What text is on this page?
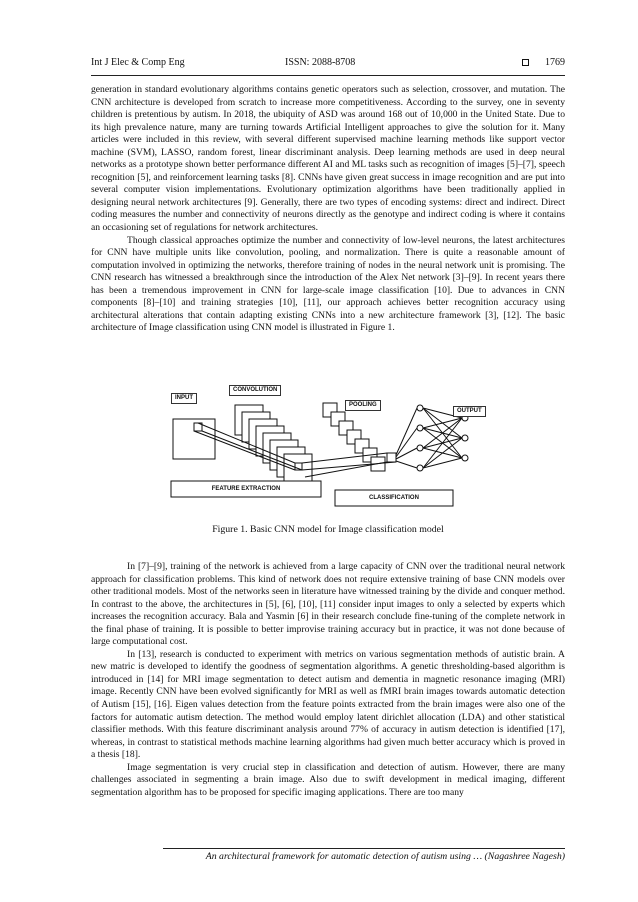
Int J Elec & Comp Eng	ISSN: 2088-8708	1769

generation in standard evolutionary algorithms contains genetic operators such as selection, crossover, and mutation. The CNN architecture is developed from scratch to increase more competitiveness. According to the survey, one in seventy children is pretentious by autism. In 2018, the ubiquity of ASD was around 168 out of 10,000 in the United State. Due to its high prevalence nature, many are turning towards Artificial Intelligent approaches to give the solution for it. Many articles were included in this review, with several different supervised machine learning methods like support vector machine (SVM), LASSO, random forest, linear discriminant analysis. Deep learning methods are used in deep neural networks as a prototype shown better performance different AI and ML tasks such as recognition of images [5]–[7], speech recognition [5], and reinforcement learning tasks [8]. CNNs have given great success in image recognition and are put into several computer vision implementations. Evolutionary optimization algorithms have been traditionally applied in designing neural network architectures [9]. Generally, there are two types of encoding systems: direct and indirect. Direct coding measures the number and connectivity of neurons directly as the genotype and indirect coding is where it contains an occasioning set of regulations for network architectures.

Though classical approaches optimize the number and connectivity of low-level neurons, the latest architectures for CNN have multiple units like convolution, pooling, and normalization. There is quite a reasonable amount of computation involved in optimizing the networks, therefore training of nodes in the neural network unit is promising. The CNN research has witnessed a breakthrough since the introduction of the Alex Net network [3]–[9]. In recent years there has been a tremendous improvement in CNN for large-scale image classification [10]. Due to advances in CNN components [8]–[10] and training strategies [10], [11], our approach achieves better recognition accuracy using architectural alterations that contain adapting existing CNNs into a new architecture framework [3], [12]. The basic architecture of Image classification using CNN model is illustrated in Figure 1.

INPUT
CONVOLUTION
POOLING
OUTPUT
FEATURE EXTRACTION
CLASSIFICATION
Figure 1. Basic CNN model for Image classification model

In [7]–[9], training of the network is achieved from a large capacity of CNN over the traditional neural network approach for classification problems. This kind of network does not require extensive training of base CNN models over other traditional models. Most of the networks seen in literature have witnessed training by the divide and conquer method. In contrast to the above, the architectures in [5], [6], [10], [11] consider input images to only a selected by experts which increases the recognition accuracy. Bala and Yasmin [6] in their research conclude fine-tuning of the complete network in the final phase of training. It is possible to better improvise training accuracy but in practice, it was not done because of large computational cost.

In [13], research is conducted to experiment with metrics on various segmentation methods of autistic brain. A new matric is developed to identify the goodness of segmentation algorithms. A genetic thresholding-based algorithm is introduced in [14] for MRI image segmentation to detect autism and dementia in magnetic resonance imaging (MRI) image. Recently CNN have been evolved significantly for MRI as well as fMRI brain images towards automatic detection of Autism [15], [16]. Eigen values detection from the feature points extracted from the brain images were also one of the factors for automatic autism detection. The method would employ latent dirichlet allocation (LDA) and other statistical classifier methods. With this feature discriminant analysis around 77% of accuracy in autism detection is identified [17], whereas, in contrast to statistical methods machine learning algorithms had given much better accuracy which is proved in a thesis [18].

Image segmentation is very crucial step in classification and detection of autism. However, there are many challenges associated in segmenting a brain image. Also due to swift development in medical imaging, different segmentation algorithm has to be proposed for specific imaging applications. There are too many

An architectural framework for automatic detection of autism using … (Nagashree Nagesh)
